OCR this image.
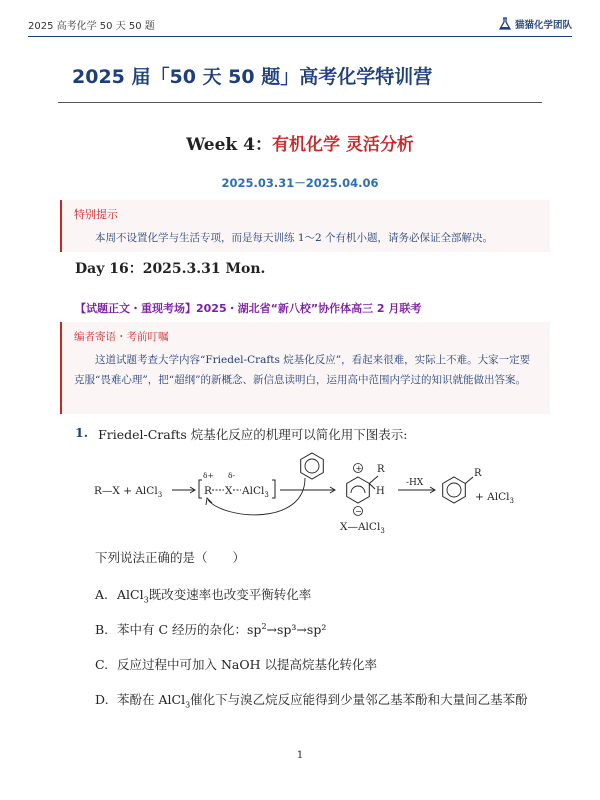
2025 高考化学 50 天 50 题	猫猫化学团队
2025 届「50 天 50 题」高考化学特训营
Week 4：有机化学 灵活分析
2025.03.31－2025.04.06
特别提示
本周不设置化学与生活专项，而是每天训练 1～2 个有机小题，请务必保证全部解决。
Day 16：2025.3.31 Mon.
【试题正文・重现考场】2025・湖北省“新八校”协作体高三 2 月联考
编者寄语・考前叮嘱
这道试题考查大学内容“Friedel-Crafts 烷基化反应”，看起来很难，实际上不难。大家一定要克服“畏难心理”，把“超纲”的新概念、新信息读明白，运用高中范围内学过的知识就能做出答案。
1. Friedel-Crafts 烷基化反应的机理可以简化用下图表示:
R—X + AlCl$_3$
δ+ δ-
R X AlCl$_3$
+ R
H
−
X—AlCl$_3$
-HX
R
+ AlCl$_3$
下列说法正确的是（　　）
A. AlCl$_3$既改变速率也改变平衡转化率
B. 苯中有 C 经历的杂化：$sp^2\to sp^3\to sp^2$
C. 反应过程中可加入 NaOH 以提高烷基化转化率
D. 苯酚在 AlCl$_3$催化下与溴乙烷反应能得到少量邻乙基苯酚和大量间乙基苯酚
1
